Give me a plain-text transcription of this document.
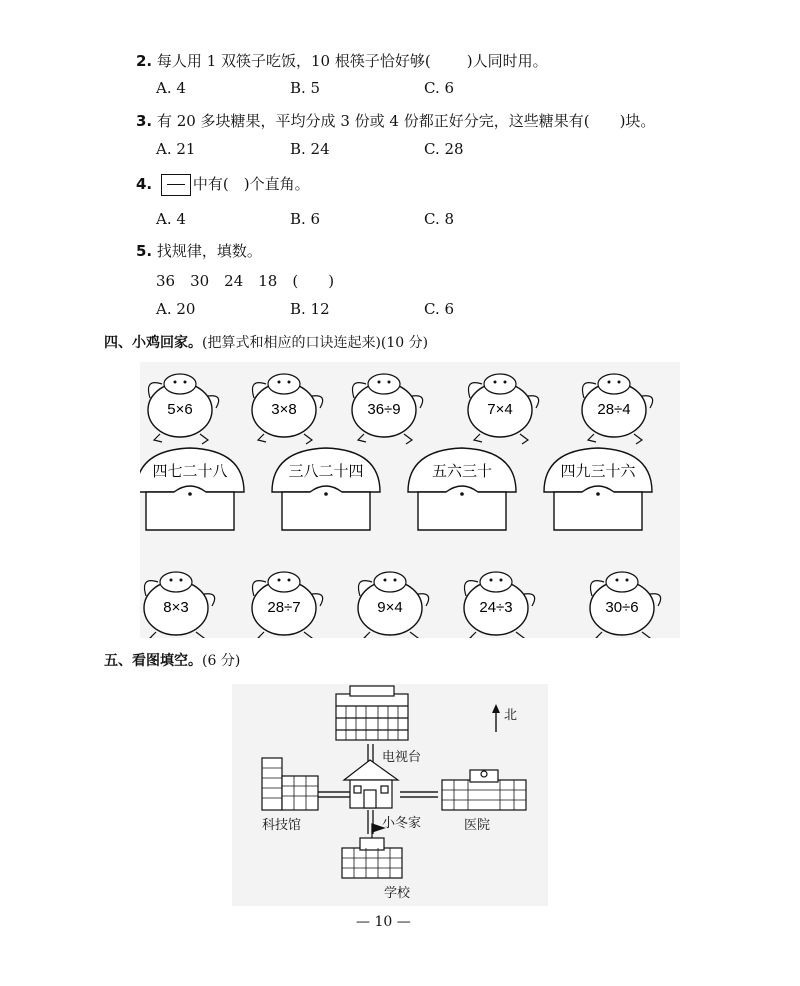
2. 每人用 1 双筷子吃饭，10 根筷子恰好够( )人同时用。
A. 4	B. 5	C. 6
3. 有 20 多块糖果，平均分成 3 份或 4 份都正好分完，这些糖果有( )块。
A. 21	B. 24	C. 28
4.	中有(　)个直角。
A. 4	B. 6	C. 8
5. 找规律，填数。
36　30　24　18　(　　)
A. 20	B. 12	C. 6
四、小鸡回家。(把算式和相应的口诀连起来)(10 分)
5×6	3×8	36÷9	7×4	28÷4
四七二十八	三八二十四	五六三十	四九三十六
8×3	28÷7	9×4	24÷3	30÷6
五、看图填空。(6 分)
北
电视台
科技馆	小冬家	医院
学校
— 10 —
